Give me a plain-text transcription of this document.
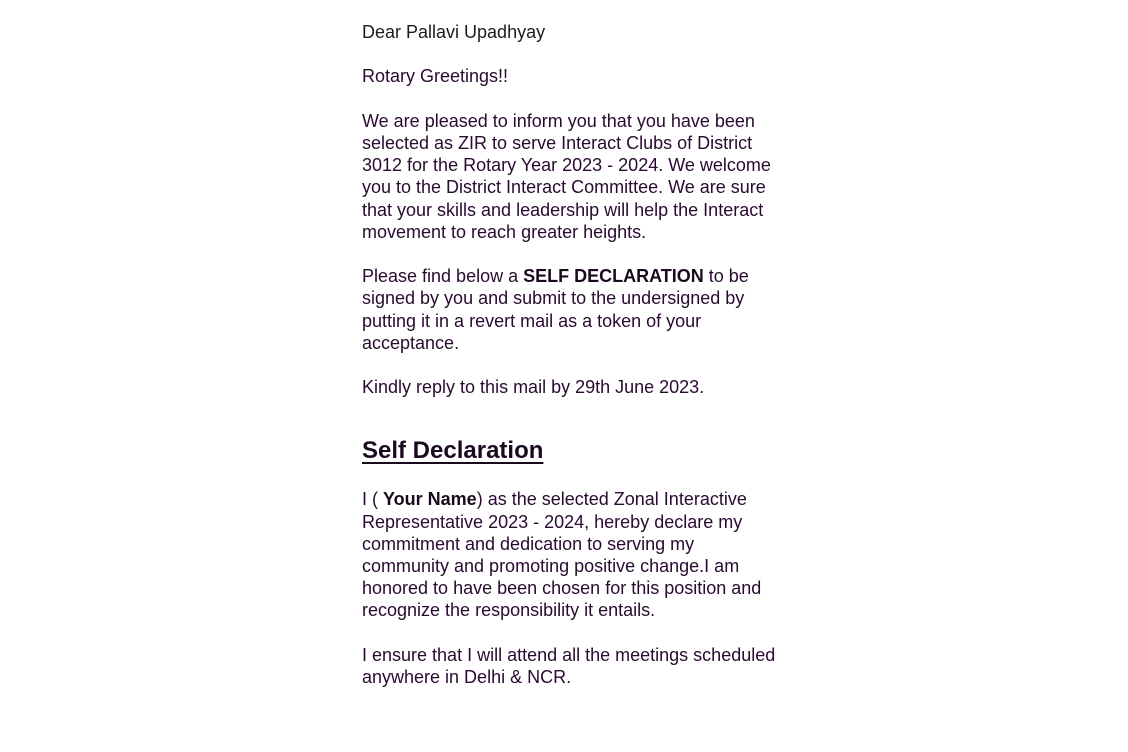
Dear Pallavi Upadhyay

Rotary Greetings!!

We are pleased to inform you that you have been selected as ZIR to serve Interact Clubs of District 3012 for the Rotary Year 2023 - 2024. We welcome you to the District Interact Committee. We are sure that your skills and leadership will help the Interact movement to reach greater heights.

Please find below a SELF DECLARATION to be signed by you and submit to the undersigned by putting it in a revert mail as a token of your acceptance.

Kindly reply to this mail by 29th June 2023.

Self Declaration

I ( Your Name) as the selected Zonal Interactive Representative 2023 - 2024, hereby declare my commitment and dedication to serving my community and promoting positive change.I am honored to have been chosen for this position and recognize the responsibility it entails.

I ensure that I will attend all the meetings scheduled anywhere in Delhi & NCR.
